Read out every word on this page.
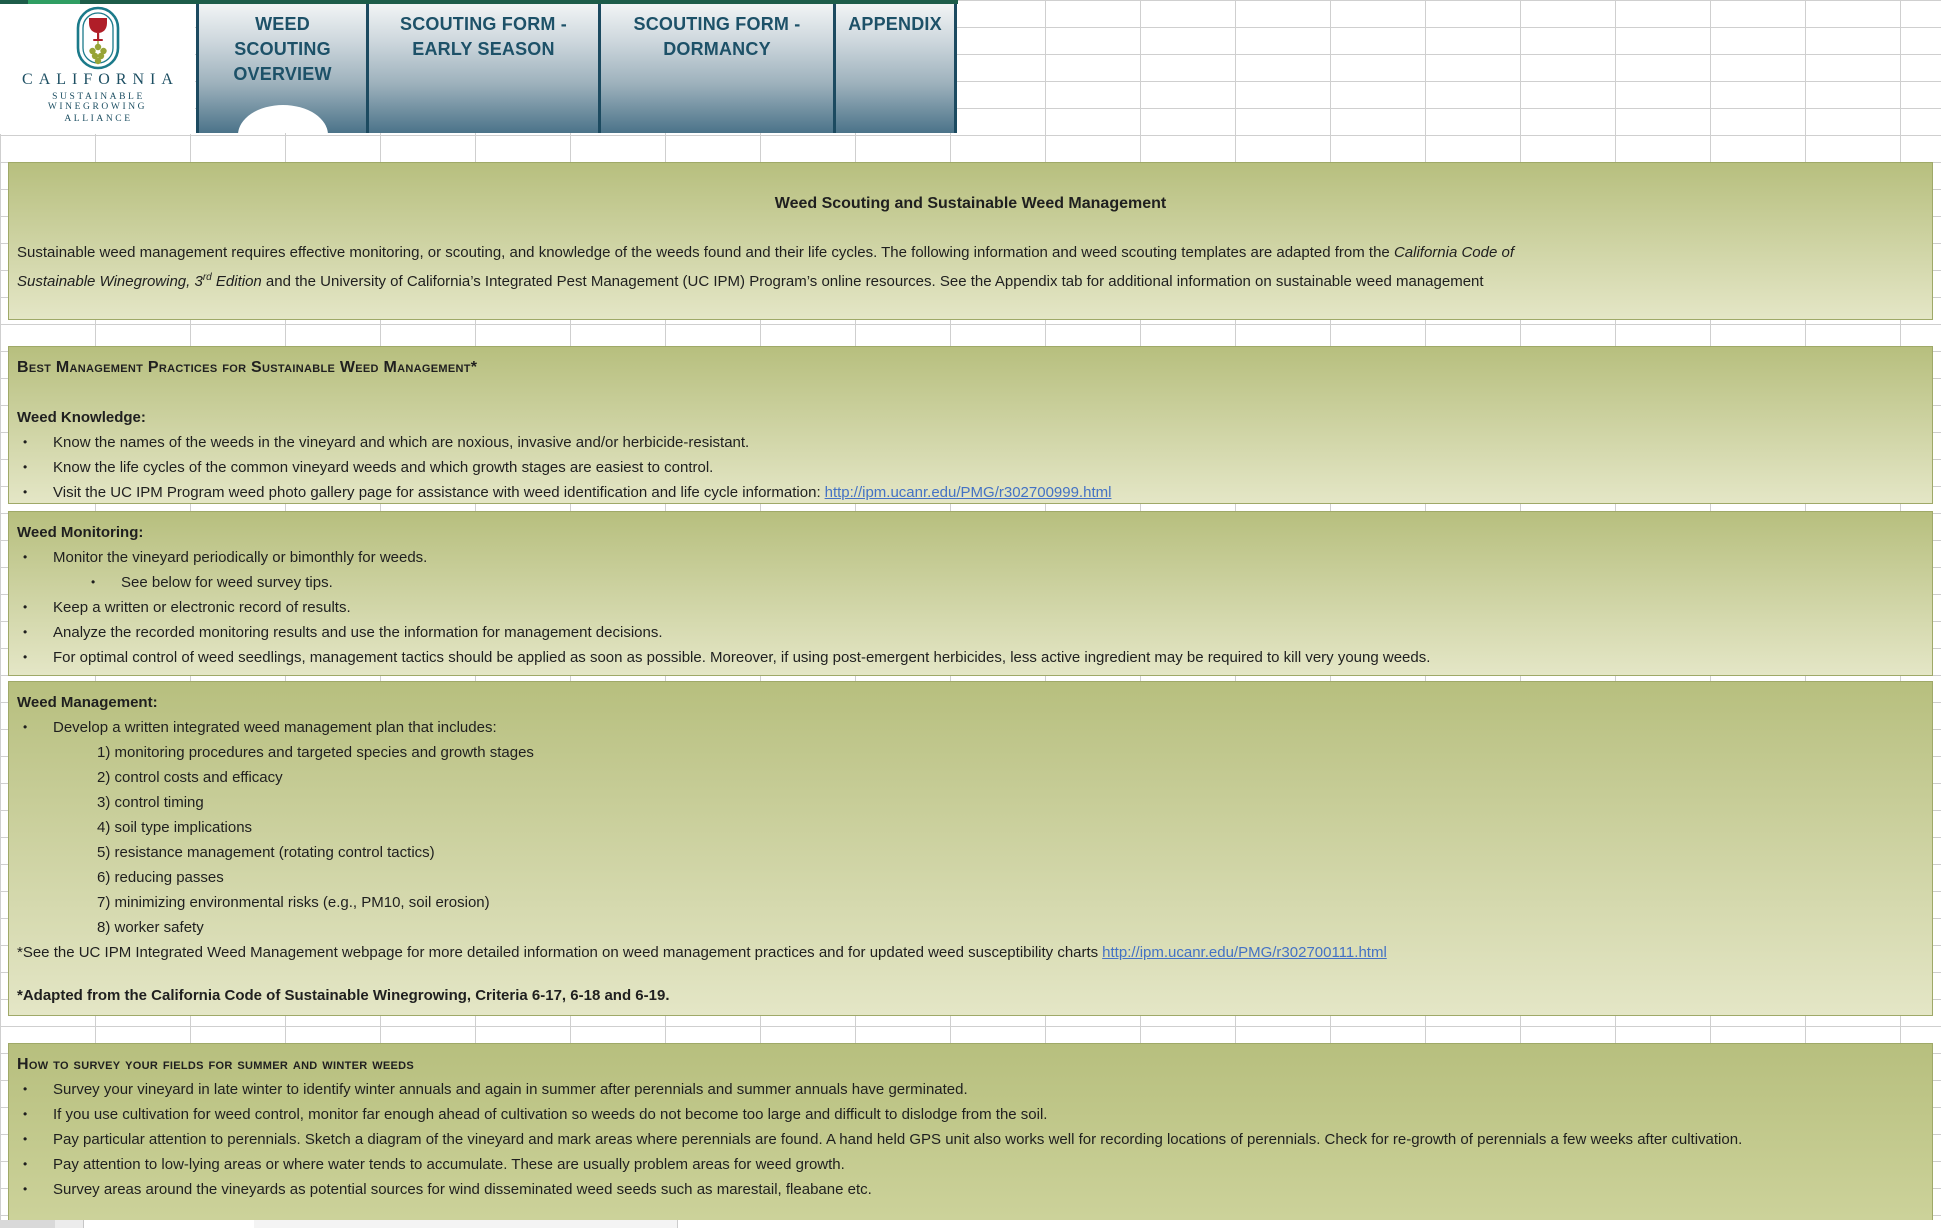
CALIFORNIA
SUSTAINABLE WINEGROWING
ALLIANCE
WEED SCOUTING OVERVIEW
SCOUTING FORM - EARLY SEASON
SCOUTING FORM - DORMANCY
APPENDIX
Weed Scouting and Sustainable Weed Management
Sustainable weed management requires effective monitoring, or scouting, and knowledge of the weeds found and their life cycles. The following information and weed scouting templates are adapted from the California Code of
Sustainable Winegrowing, 3rd Edition and the University of California’s Integrated Pest Management (UC IPM) Program’s online resources. See the Appendix tab for additional information on sustainable weed management
Best Management Practices for Sustainable Weed Management*
Weed Knowledge:
•	Know the names of the weeds in the vineyard and which are noxious, invasive and/or herbicide-resistant.
•	Know the life cycles of the common vineyard weeds and which growth stages are easiest to control.
•	Visit the UC IPM Program weed photo gallery page for assistance with weed identification and life cycle information: http://ipm.ucanr.edu/PMG/r302700999.html
Weed Monitoring:
•	Monitor the vineyard periodically or bimonthly for weeds.
•	See below for weed survey tips.
•	Keep a written or electronic record of results.
•	Analyze the recorded monitoring results and use the information for management decisions.
•	For optimal control of weed seedlings, management tactics should be applied as soon as possible. Moreover, if using post-emergent herbicides, less active ingredient may be required to kill very young weeds.
Weed Management:
•	Develop a written integrated weed management plan that includes:
1) monitoring procedures and targeted species and growth stages
2) control costs and efficacy
3) control timing
4) soil type implications
5) resistance management (rotating control tactics)
6) reducing passes
7) minimizing environmental risks (e.g., PM10, soil erosion)
8) worker safety
*See the UC IPM Integrated Weed Management webpage for more detailed information on weed management practices and for updated weed susceptibility charts http://ipm.ucanr.edu/PMG/r302700111.html
*Adapted from the California Code of Sustainable Winegrowing, Criteria 6-17, 6-18 and 6-19.
How to survey your fields for summer and winter weeds
•	Survey your vineyard in late winter to identify winter annuals and again in summer after perennials and summer annuals have germinated.
•	If you use cultivation for weed control, monitor far enough ahead of cultivation so weeds do not become too large and difficult to dislodge from the soil.
•	Pay particular attention to perennials. Sketch a diagram of the vineyard and mark areas where perennials are found. A hand held GPS unit also works well for recording locations of perennials. Check for re-growth of perennials a few weeks after cultivation.
•	Pay attention to low-lying areas or where water tends to accumulate. These are usually problem areas for weed growth.
•	Survey areas around the vineyards as potential sources for wind disseminated weed seeds such as marestail, fleabane etc.
